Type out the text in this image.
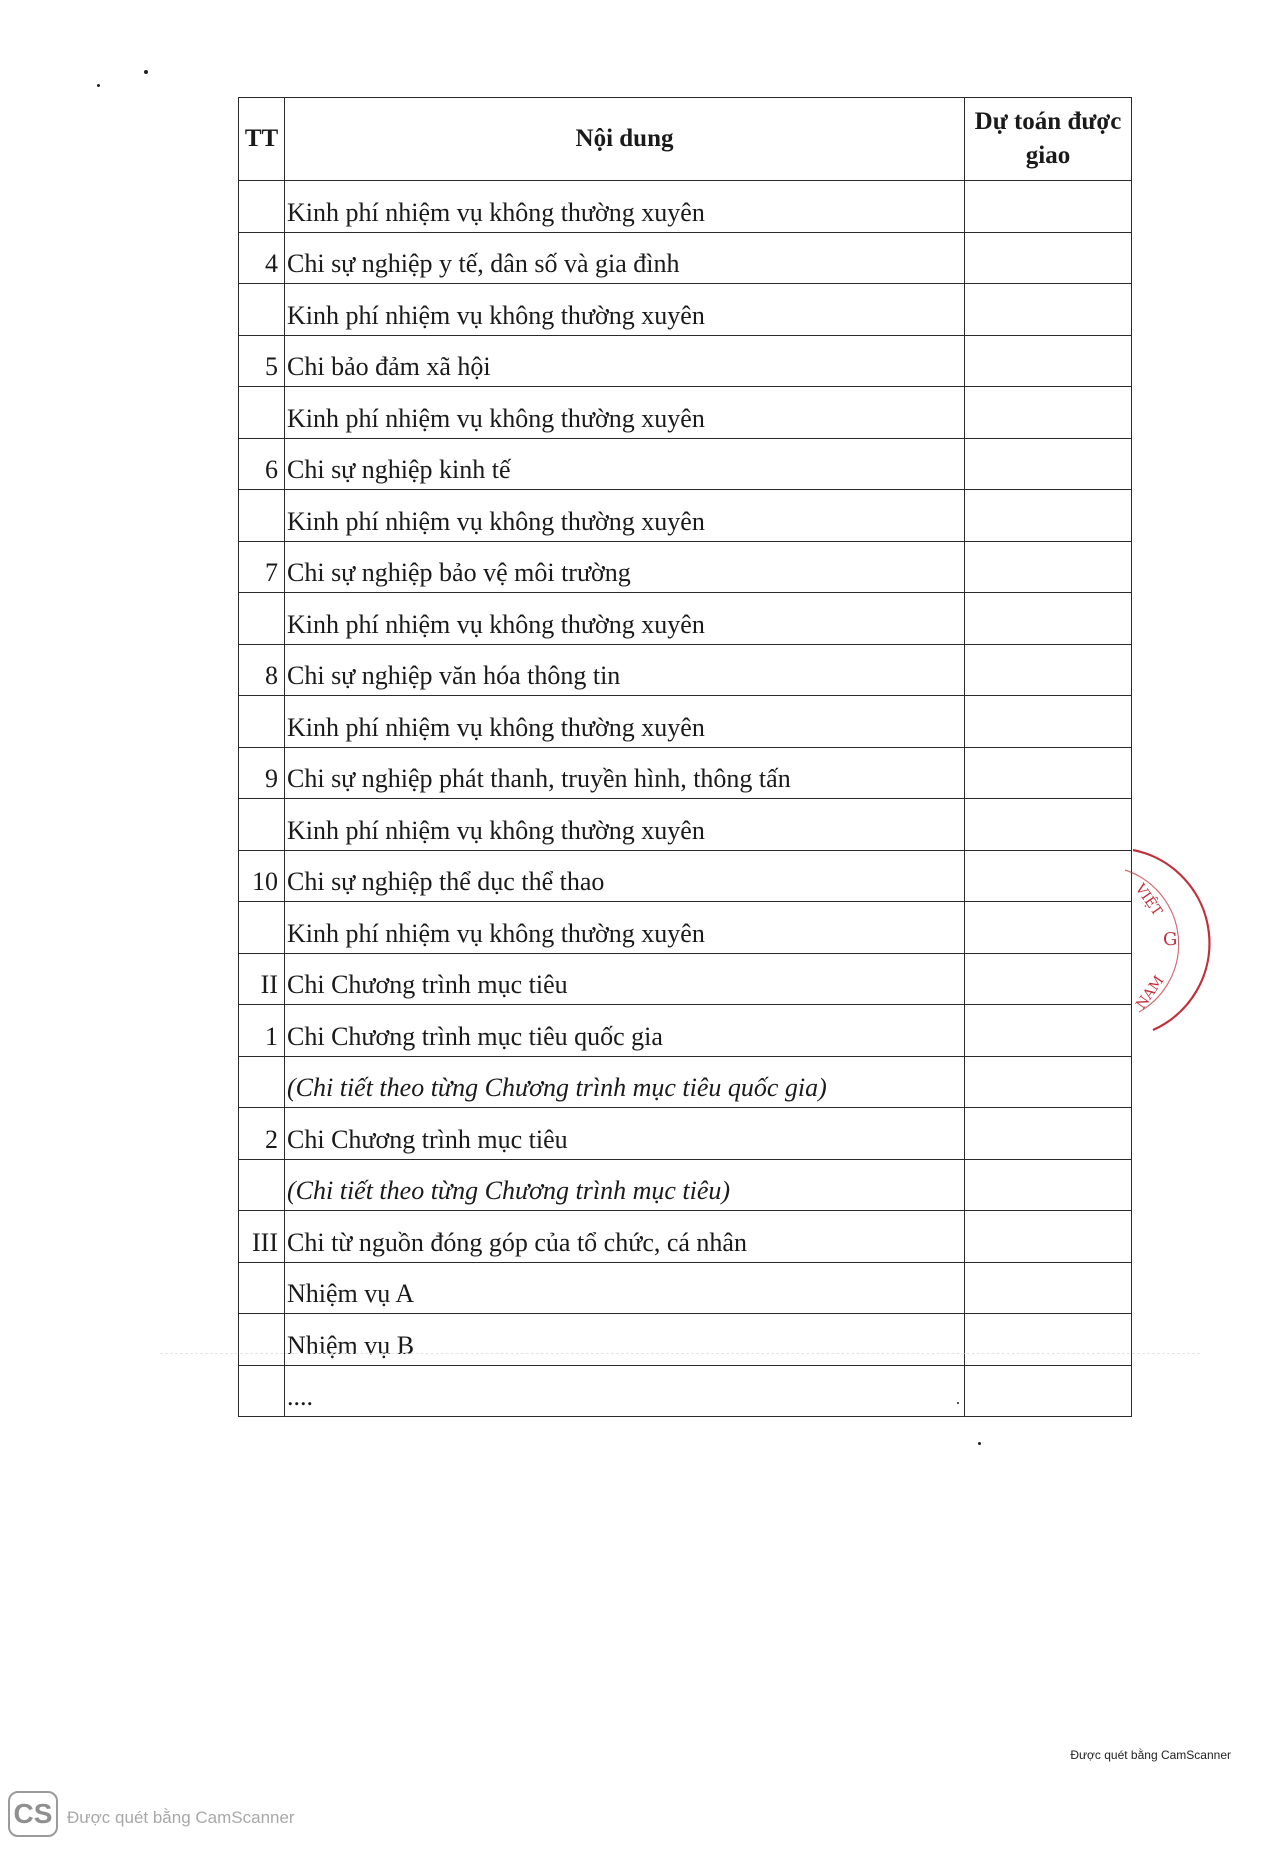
TT	Nội dung	Dự toán được giao
	Kinh phí nhiệm vụ không thường xuyên	
4	Chi sự nghiệp y tế, dân số và gia đình	
	Kinh phí nhiệm vụ không thường xuyên	
5	Chi bảo đảm xã hội	
	Kinh phí nhiệm vụ không thường xuyên	
6	Chi sự nghiệp kinh tế	
	Kinh phí nhiệm vụ không thường xuyên	
7	Chi sự nghiệp bảo vệ môi trường	
	Kinh phí nhiệm vụ không thường xuyên	
8	Chi sự nghiệp văn hóa thông tin	
	Kinh phí nhiệm vụ không thường xuyên	
9	Chi sự nghiệp phát thanh, truyền hình, thông tấn	
	Kinh phí nhiệm vụ không thường xuyên	
10	Chi sự nghiệp thể dục thể thao	
	Kinh phí nhiệm vụ không thường xuyên	
II	Chi Chương trình mục tiêu	
1	Chi Chương trình mục tiêu quốc gia	
	(Chi tiết theo từng Chương trình mục tiêu quốc gia)	
2	Chi Chương trình mục tiêu	
	(Chi tiết theo từng Chương trình mục tiêu)	
III	Chi từ nguồn đóng góp của tổ chức, cá nhân	
	Nhiệm vụ A	
	Nhiệm vụ B	
	....	
VIỆT
G
NAM
Được quét bằng CamScanner
CS Được quét bằng CamScanner
